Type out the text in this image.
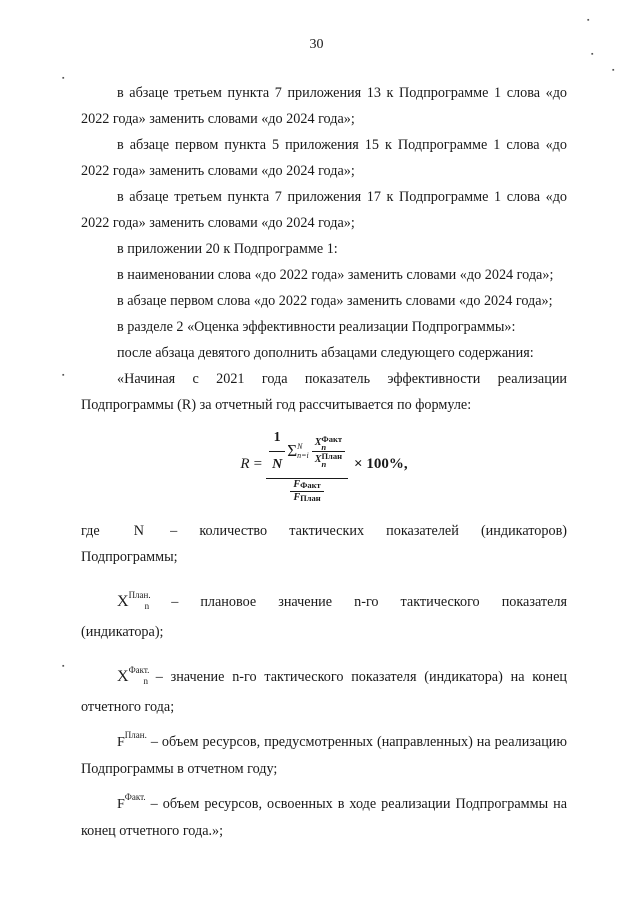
30
▪
▪
▪
▪
▪
▪

в абзаце третьем пункта 7 приложения 13 к Подпрограмме 1 слова «до 2022 года» заменить словами «до 2024 года»;

в абзаце первом пункта 5 приложения 15 к Подпрограмме 1 слова «до 2022 года» заменить словами «до 2024 года»;

в абзаце третьем пункта 7 приложения 17 к Подпрограмме 1 слова «до 2022 года» заменить словами «до 2024 года»;

в приложении 20 к Подпрограмме 1:

в наименовании слова «до 2022 года» заменить словами «до 2024 года»;

в абзаце первом слова «до 2022 года» заменить словами «до 2024 года»;

в разделе 2 «Оценка эффективности реализации Подпрограммы»:

после абзаца девятого дополнить абзацами следующего содержания:

«Начиная с 2021 года показатель эффективности реализации Подпрограммы (R) за отчетный год рассчитывается по формуле:

$R = \frac{1}{N}$ Σ N
n=i X Факт
n
X План
n
$\frac{\text{F Факт}}{\text{F План}}$
× 100%,

где N – количество тактических показателей (индикаторов) Подпрограммы;

$X^{План.}_n$ – плановое значение n-го тактического показателя (индикатора);

$X^{Факт.}_n$ – значение n-го тактического показателя (индикатора) на конец отчетного года;

$F^{План.}$ – объем ресурсов, предусмотренных (направленных) на реализацию Подпрограммы в отчетном году;

$F^{Факт.}$ – объем ресурсов, освоенных в ходе реализации Подпрограммы на конец отчетного года.»;
